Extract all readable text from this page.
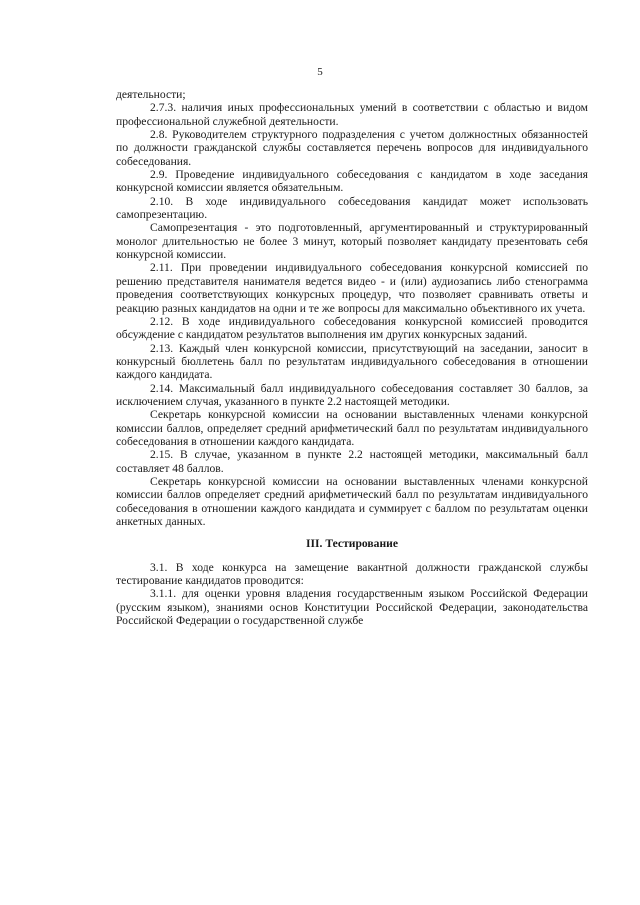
5

деятельности;

2.7.3. наличия иных профессиональных умений в соответствии с областью и видом профессиональной служебной деятельности.

2.8. Руководителем структурного подразделения с учетом должностных обязанностей по должности гражданской службы составляется перечень вопросов для индивидуального собеседования.

2.9. Проведение индивидуального собеседования с кандидатом в ходе заседания конкурсной комиссии является обязательным.

2.10. В ходе индивидуального собеседования кандидат может использовать самопрезентацию.

Самопрезентация - это подготовленный, аргументированный и структурированный монолог длительностью не более 3 минут, который позволяет кандидату презентовать себя конкурсной комиссии.

2.11. При проведении индивидуального собеседования конкурсной комиссией по решению представителя нанимателя ведется видео - и (или) аудиозапись либо стенограмма проведения соответствующих конкурсных процедур, что позволяет сравнивать ответы и реакцию разных кандидатов на одни и те же вопросы для максимально объективного их учета.

2.12. В ходе индивидуального собеседования конкурсной комиссией проводится обсуждение с кандидатом результатов выполнения им других конкурсных заданий.

2.13. Каждый член конкурсной комиссии, присутствующий на заседании, заносит в конкурсный бюллетень балл по результатам индивидуального собеседования в отношении каждого кандидата.

2.14. Максимальный балл индивидуального собеседования составляет 30 баллов, за исключением случая, указанного в пункте 2.2 настоящей методики.

Секретарь конкурсной комиссии на основании выставленных членами конкурсной комиссии баллов, определяет средний арифметический балл по результатам индивидуального собеседования в отношении каждого кандидата.

2.15. В случае, указанном в пункте 2.2 настоящей методики, максимальный балл составляет 48 баллов.

Секретарь конкурсной комиссии на основании выставленных членами конкурсной комиссии баллов определяет средний арифметический балл по результатам индивидуального собеседования в отношении каждого кандидата и суммирует с баллом по результатам оценки анкетных данных.

III. Тестирование

3.1. В ходе конкурса на замещение вакантной должности гражданской службы тестирование кандидатов проводится:

3.1.1. для оценки уровня владения государственным языком Российской Федерации (русским языком), знаниями основ Конституции Российской Федерации, законодательства Российской Федерации о государственной службе
